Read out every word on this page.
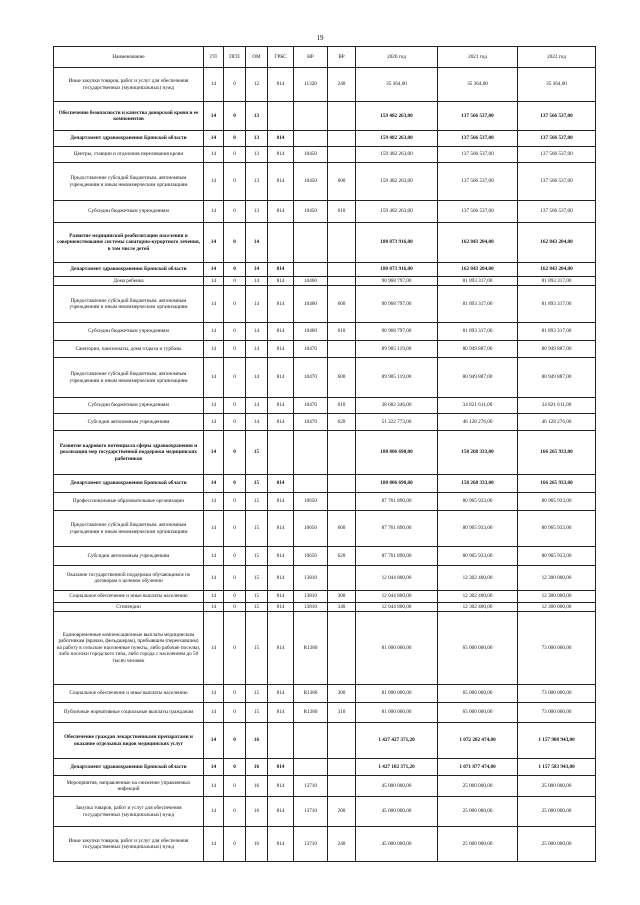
19
Наименование	ГП	ПГП	ОМ	ГРБС	НР	ВР	2020 год	2021 год	2022 год
Иные закупки товаров, работ и услуг для обеспечения государственных (муниципальных) нужд	14	0	12	814	11320	240	35 364,00	35 364,00	35 364,00
Обеспечение безопасности и качества донорской крови и ее компонентов	14	0	13				159 482 263,00	137 566 537,00	137 566 537,00
Департамент здравоохранения Брянской области	14	0	13	814			159 482 263,00	137 566 537,00	137 566 537,00
Центры, станции и отделения переливания крови	14	0	13	814	10450		159 482 263,00	137 566 537,00	137 566 537,00
Предоставление субсидий бюджетным, автономным учреждениям и иным некоммерческим организациям	14	0	13	814	10450	600	159 482 263,00	137 566 537,00	137 566 537,00
Субсидии бюджетным учреждениям	14	0	13	814	10450	610	159 482 263,00	137 566 537,00	137 566 537,00
Развитие медицинской реабилитации населения и совершенствование системы санаторно-курортного лечения, в том числе детей	14	0	14				180 873 916,00	162 843 204,00	162 843 204,00
Департамент здравоохранения Брянской области	14	0	14	814			180 873 916,00	162 843 204,00	162 843 204,00
Дома ребенка	14	0	14	814	10460		90 968 797,00	81 893 317,00	81 893 317,00
Предоставление субсидий бюджетным, автономным учреждениям и иным некоммерческим организациям	14	0	14	814	10460	600	90 968 797,00	81 893 317,00	81 893 317,00
Субсидии бюджетным учреждениям	14	0	14	814	10460	610	90 968 797,00	81 893 317,00	81 893 317,00
Санатории, пансионаты, дома отдыха и турбазы	14	0	14	814	10470		89 905 119,00	80 949 887,00	80 949 887,00
Предоставление субсидий бюджетным, автономным учреждениям и иным некоммерческим организациям	14	0	14	814	10470	600	89 905 119,00	80 949 887,00	80 949 887,00
Субсидии бюджетным учреждениям	14	0	14	814	10470	610	38 682 346,00	34 821 611,00	34 821 611,00
Субсидии автономным учреждениям	14	0	14	814	10470	620	51 222 773,00	46 128 276,00	46 128 276,00
Развитие кадрового потенциала сферы здравоохранения и реализация мер государственной поддержки медицинских работников	14	0	15				180 806 690,00	158 268 333,00	166 265 933,00
Департамент здравоохранения Брянской области	14	0	15	814			180 806 690,00	158 268 333,00	166 265 933,00
Профессиональные образовательные организации	14	0	15	814	10650		87 761 890,00	80 965 933,00	80 965 933,00
Предоставление субсидий бюджетным, автономным учреждениям и иным некоммерческим организациям	14	0	15	814	10650	600	87 761 890,00	80 965 933,00	80 965 933,00
Субсидии автономным учреждениям	14	0	15	814	10650	620	87 761 890,00	80 965 933,00	80 965 933,00
Оказание государственной поддержки обучающимся по договорам о целевом обучении	14	0	15	814	13810		12 044 800,00	12 302 400,00	12 300 000,00
Социальное обеспечение и иные выплаты населению	14	0	15	814	13810	300	12 044 800,00	12 302 400,00	12 300 000,00
Стипендии	14	0	15	814	13810	340	12 044 800,00	12 302 400,00	12 300 000,00
Единовременные компенсационные выплаты медицинским работникам (врачам, фельдшерам), прибывшим (переехавшим) на работу в сельские населенные пункты, либо рабочие поселки, либо поселки городского типа, либо города с населением до 50 тысяч человек	14	0	15	814	R1380		81 000 000,00	65 000 000,00	73 000 000,00
Социальное обеспечение и иные выплаты населению	14	0	15	814	R1380	300	81 000 000,00	65 000 000,00	73 000 000,00
Публичные нормативные социальные выплаты гражданам	14	0	15	814	R1380	310	81 000 000,00	65 000 000,00	73 000 000,00
Обеспечение граждан лекарственными препаратами и оказание отдельных видов медицинских услуг	14	0	16				1 427 427 371,20	1 072 202 474,00	1 157 908 943,00
Департамент здравоохранения Брянской области	14	0	16	814			1 427 102 371,20	1 071 877 474,00	1 157 583 943,00
Мероприятия, направленные на снижение управляемых инфекций	14	0	16	814	13710		45 000 000,00	25 000 000,00	25 000 000,00
Закупка товаров, работ и услуг для обеспечения государственных (муниципальных) нужд	14	0	16	814	13710	200	45 000 000,00	25 000 000,00	25 000 000,00
Иные закупки товаров, работ и услуг для обеспечения государственных (муниципальных) нужд	14	0	16	814	13710	240	45 000 000,00	25 000 000,00	25 000 000,00
